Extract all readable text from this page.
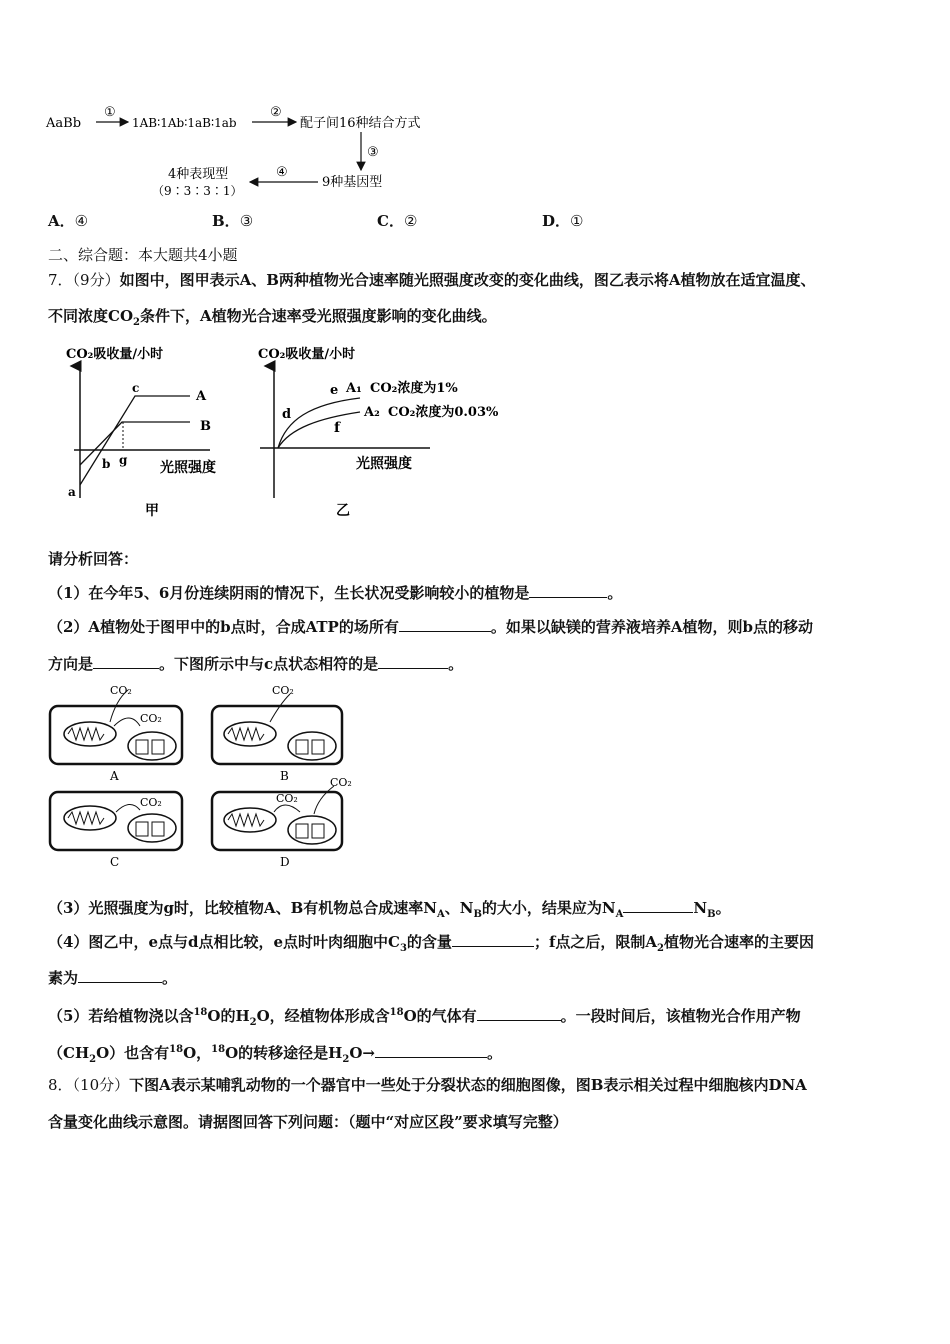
AaBb
①
1AB∶1Ab∶1aB∶1ab
②
配子间16种结合方式
③
9种基因型
④
4种表现型
（9∶3∶3∶1）
A．④	B．③	C．②	D．①
二、综合题：本大题共4小题
7．（9分）如图中，图甲表示A、B两种植物光合速率随光照强度改变的变化曲线，图乙表示将A植物放在适宜温度、
不同浓度$CO_2$条件下，A植物光合速率受光照强度影响的变化曲线。
CO₂吸收量/小时
c
A
B
g
b
a
光照强度
甲
CO₂吸收量/小时
d
e
f
A₁ CO₂浓度为1%
A₂ CO₂浓度为0.03%
光照强度
乙
请分析回答：
（1）在今年5、6月份连续阴雨的情况下，生长状况受影响较小的植物是	。
（2）A植物处于图甲中的b点时，合成ATP的场所有	。如果以缺镁的营养液培养A植物，则b点的移动
方向是	。下图所示中与c点状态相符的是	。
CO₂
CO₂
A
CO₂
B
CO₂
C
CO₂
CO₂
D
（3）光照强度为g时，比较植物A、B有机物总合成速率$N_A$、$N_B$的大小，结果应为$N_A$	$N_B$。
（4）图乙中，e点与d点相比较，e点时叶肉细胞中$C_3$的含量	；f点之后，限制$A_2$植物光合速率的主要因
素为	。
（5）若给植物浇以含$^{18}$O的$H_2O$，经植物体形成含$^{18}$O的气体有	。一段时间后，该植物光合作用产物
$(CH_2O)$也含有$^{18}$O，$^{18}$O的转移途径是$H_2O\to$	。
8．（10分）下图A表示某哺乳动物的一个器官中一些处于分裂状态的细胞图像，图B表示相关过程中细胞核内DNA
含量变化曲线示意图。请据图回答下列问题：（题中“对应区段”要求填写完整）
